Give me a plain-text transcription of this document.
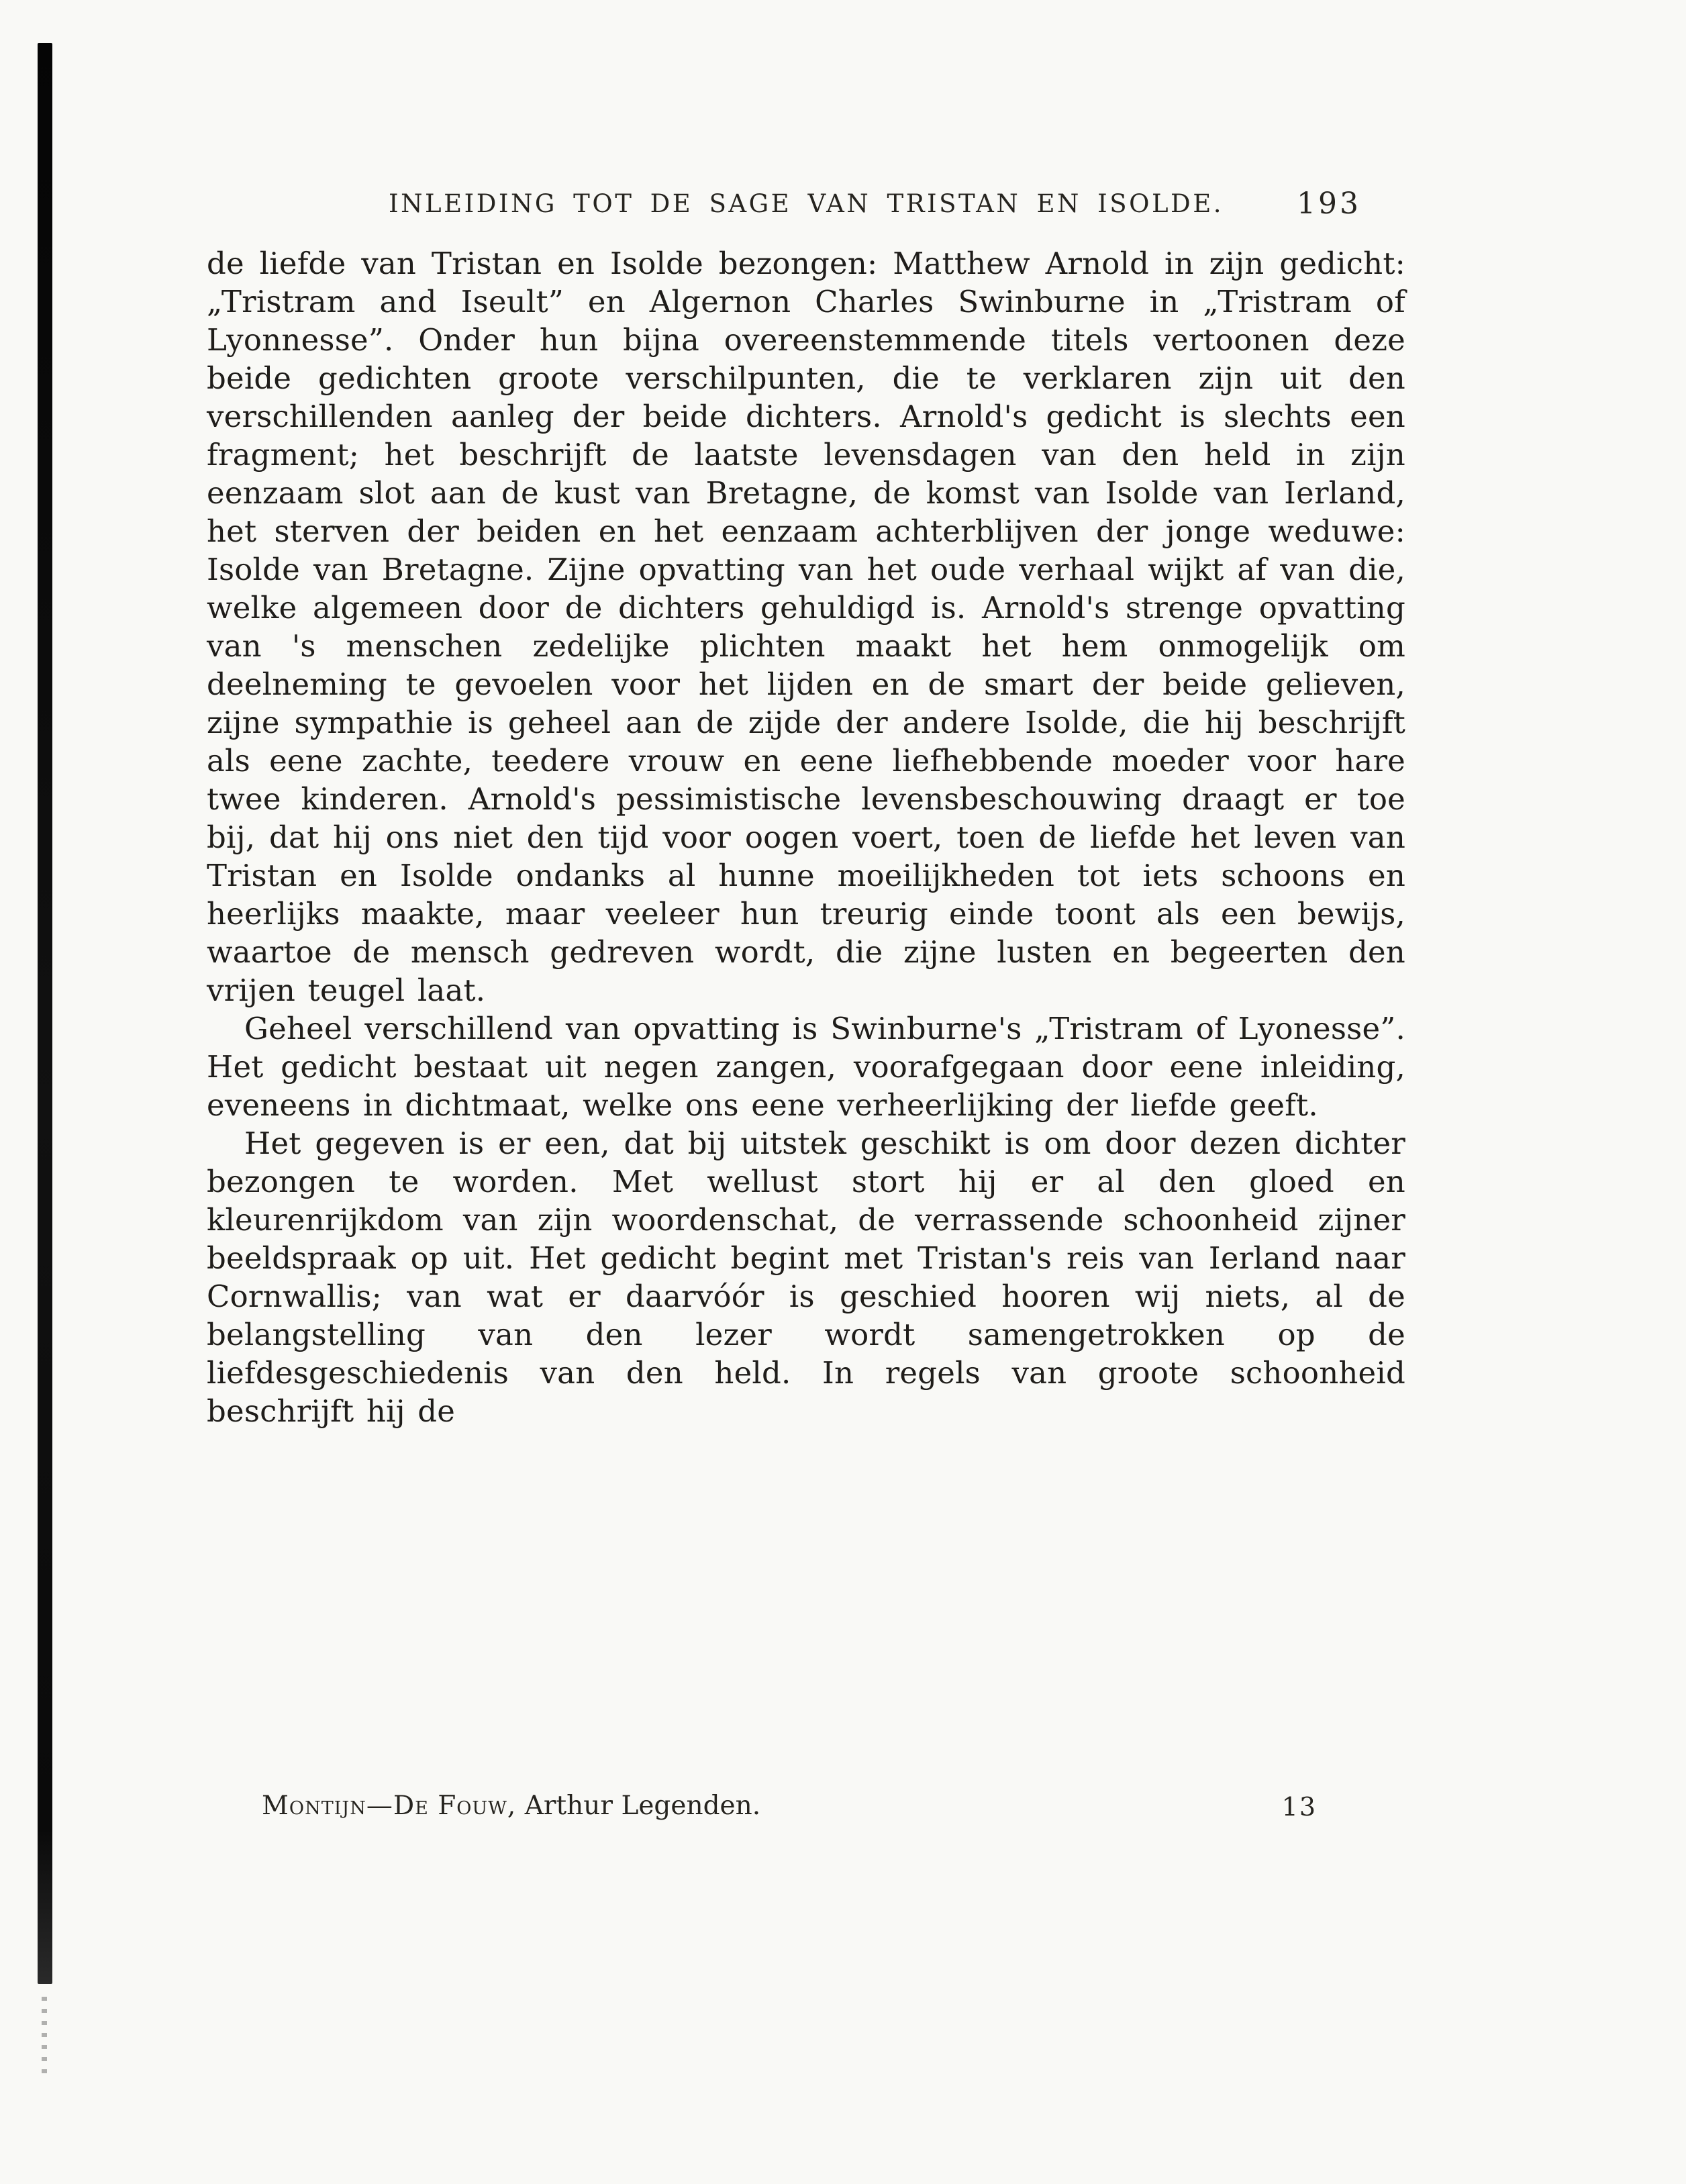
INLEIDING TOT DE SAGE VAN TRISTAN EN ISOLDE. 193

de liefde van Tristan en Isolde bezongen: Matthew Arnold in zijn gedicht: „Tristram and Iseult” en Algernon Charles Swinburne in „Tristram of Lyonnesse”. Onder hun bijna overeenstemmende titels vertoonen deze beide gedichten groote verschilpunten, die te verklaren zijn uit den verschillenden aanleg der beide dichters. Arnold's gedicht is slechts een fragment; het beschrijft de laatste levensdagen van den held in zijn eenzaam slot aan de kust van Bretagne, de komst van Isolde van Ierland, het sterven der beiden en het eenzaam achterblijven der jonge weduwe: Isolde van Bretagne. Zijne opvatting van het oude verhaal wijkt af van die, welke algemeen door de dichters gehuldigd is. Arnold's strenge opvatting van 's menschen zedelijke plichten maakt het hem onmogelijk om deelneming te gevoelen voor het lijden en de smart der beide gelieven, zijne sympathie is geheel aan de zijde der andere Isolde, die hij beschrijft als eene zachte, teedere vrouw en eene liefhebbende moeder voor hare twee kinderen. Arnold's pessimistische levensbeschouwing draagt er toe bij, dat hij ons niet den tijd voor oogen voert, toen de liefde het leven van Tristan en Isolde ondanks al hunne moeilijkheden tot iets schoons en heerlijks maakte, maar veeleer hun treurig einde toont als een bewijs, waartoe de mensch gedreven wordt, die zijne lusten en begeerten den vrijen teugel laat.

Geheel verschillend van opvatting is Swinburne's „Tristram of Lyonesse”. Het gedicht bestaat uit negen zangen, voorafgegaan door eene inleiding, eveneens in dichtmaat, welke ons eene verheerlijking der liefde geeft.

Het gegeven is er een, dat bij uitstek geschikt is om door dezen dichter bezongen te worden. Met wellust stort hij er al den gloed en kleurenrijkdom van zijn woordenschat, de verrassende schoonheid zijner beeldspraak op uit. Het gedicht begint met Tristan's reis van Ierland naar Cornwallis; van wat er daarvóór is geschied hooren wij niets, al de belangstelling van den lezer wordt samengetrokken op de liefdesgeschiedenis van den held. In regels van groote schoonheid beschrijft hij de

Montijn—De Fouw, Arthur Legenden.	13
